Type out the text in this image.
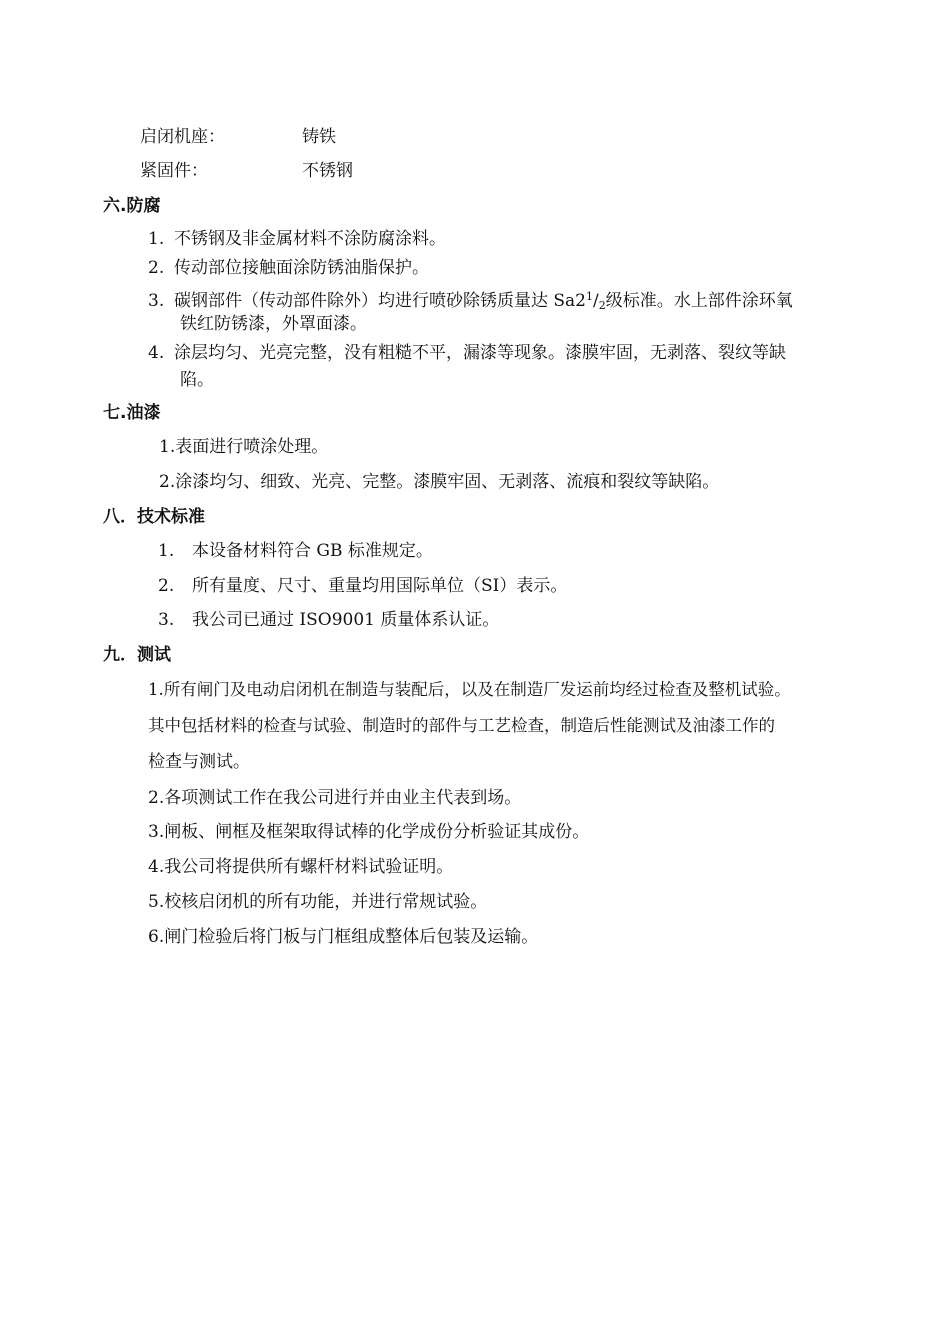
启闭机座：	铸铁
紧固件：	不锈钢
六.防腐
1. 不锈钢及非金属材料不涂防腐涂料。
2. 传动部位接触面涂防锈油脂保护。
3. 碳钢部件（传动部件除外）均进行喷砂除锈质量达 $Sa2^1/_2$级标准。水上部件涂环氧
铁红防锈漆，外罩面漆。
4. 涂层均匀、光亮完整，没有粗糙不平，漏漆等现象。漆膜牢固，无剥落、裂纹等缺
陷。
七.油漆
1.表面进行喷涂处理。
2.涂漆均匀、细致、光亮、完整。漆膜牢固、无剥落、流痕和裂纹等缺陷。
八．技术标准
1. 本设备材料符合 GB 标准规定。
2. 所有量度、尺寸、重量均用国际单位（SI）表示。
3. 我公司已通过 ISO9001 质量体系认证。
九．测试
1.所有闸门及电动启闭机在制造与装配后，以及在制造厂发运前均经过检查及整机试验。
其中包括材料的检查与试验、制造时的部件与工艺检查，制造后性能测试及油漆工作的
检查与测试。
2.各项测试工作在我公司进行并由业主代表到场。
3.闸板、闸框及框架取得试棒的化学成份分析验证其成份。
4.我公司将提供所有螺杆材料试验证明。
5.校核启闭机的所有功能，并进行常规试验。
6.闸门检验后将门板与门框组成整体后包装及运输。
